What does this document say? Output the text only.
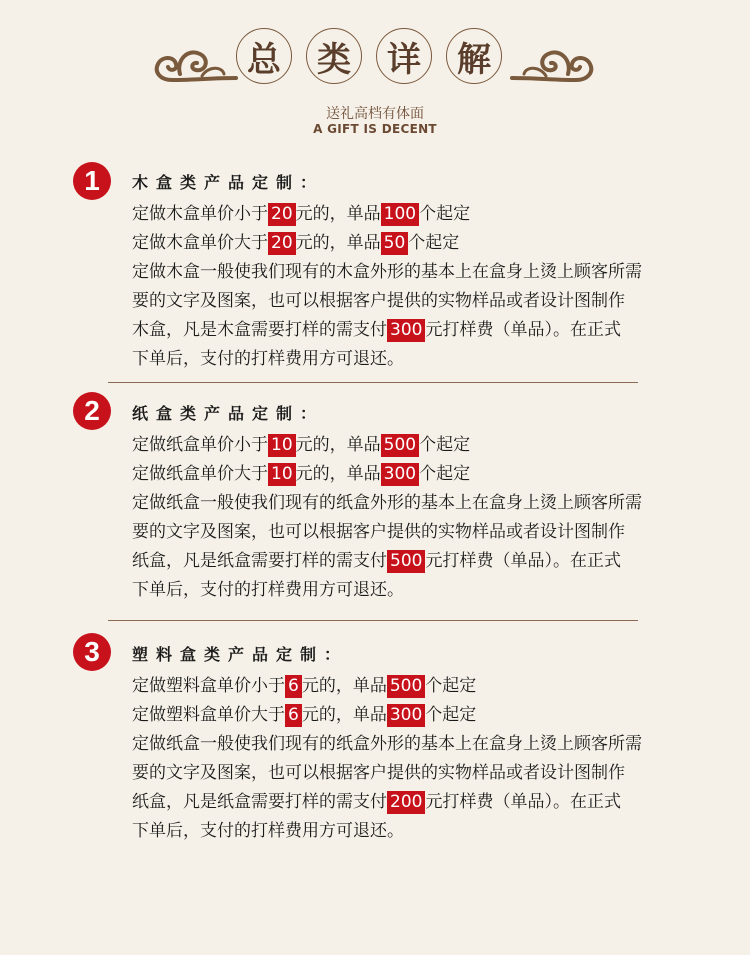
总	类	详	解
送礼高档有体面
A GIFT IS DECENT
1	木盒类产品定制：
定做木盒单价小于 20 元的，单品 100 个起定
定做木盒单价大于 20 元的，单品50个起定
定做木盒一般使我们现有的木盒外形的基本上在盒身上烫上顾客所需
要的文字及图案，也可以根据客户提供的实物样品或者设计图制作
木盒，凡是木盒需要打样的需支付 300 元打样费（单品）。在正式
下单后，支付的打样费用方可退还。
2	纸盒类产品定制：
定做纸盒单价小于 10 元的，单品 500 个起定
定做纸盒单价大于 10 元的，单品 300 个起定
定做纸盒一般使我们现有的纸盒外形的基本上在盒身上烫上顾客所需
要的文字及图案，也可以根据客户提供的实物样品或者设计图制作
纸盒，凡是纸盒需要打样的需支付 500 元打样费（单品）。在正式
下单后，支付的打样费用方可退还。
3	塑料盒类产品定制：
定做塑料盒单价小于6元的，单品 500 个起定
定做塑料盒单价大于6元的，单品 300 个起定
定做纸盒一般使我们现有的纸盒外形的基本上在盒身上烫上顾客所需
要的文字及图案，也可以根据客户提供的实物样品或者设计图制作
纸盒，凡是纸盒需要打样的需支付 200 元打样费（单品）。在正式
下单后，支付的打样费用方可退还。
